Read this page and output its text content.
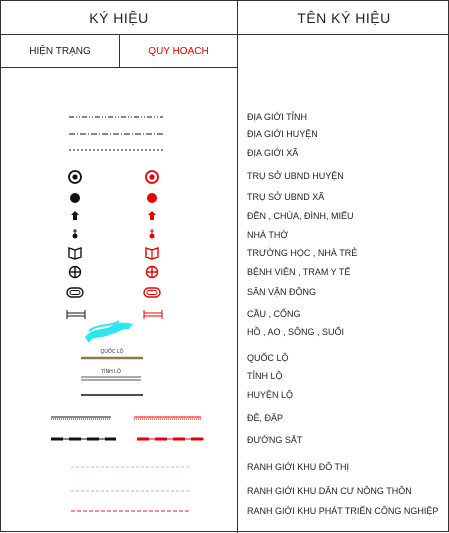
KÝ HIỆU	TÊN KÝ HIỆU
HIỆN TRẠNG	QUY HOẠCH
ĐỊA GIỚI TỈNH
ĐỊA GIỚI HUYỆN
ĐỊA GIỚI XÃ
TRỤ SỞ UBND HUYỆN
TRỤ SỞ UBND XÃ
ĐỀN , CHÙA, ĐÌNH, MIẾU
NHÀ THỜ
TRƯỜNG HỌC , NHÀ TRẺ
BỆNH VIỆN , TRẠM Y TẾ
SÂN VẬN ĐỘNG
CẦU , CỐNG
HỒ , AO , SÔNG , SUỐI
QUỐC LỘ
TỈNH LỘ
HUYỆN LỘ
ĐÊ, ĐẬP
ĐƯỜNG SẮT
RANH GIỚI KHU ĐÔ THỊ
RANH GIỚI KHU DÂN CƯ NÔNG THÔN
RANH GIỚI KHU PHÁT TRIỂN CÔNG NGHIỆP
QUỐC LỘ
TỈNH LỘ
